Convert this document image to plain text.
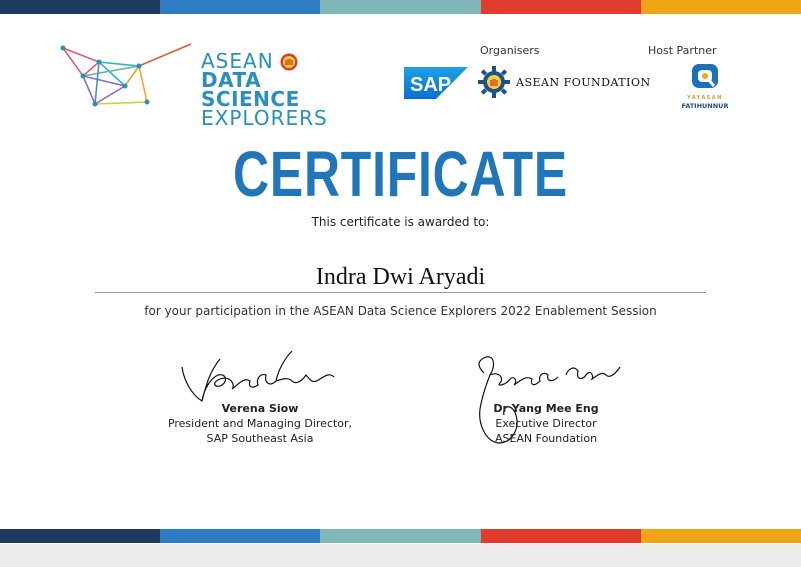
ASEAN
DATA SCIENCE
EXPLORERS
Organisers	Host Partner
SAP	ASEAN FOUNDATION
YAYASAN
FATIHUNNUR
CERTIFICATE
This certificate is awarded to:
Indra Dwi Aryadi
for your participation in the ASEAN Data Science Explorers 2022 Enablement Session
Verena Siow
President and Managing Director,
SAP Southeast Asia
Dr Yang Mee Eng
Executive Director
ASEAN Foundation
